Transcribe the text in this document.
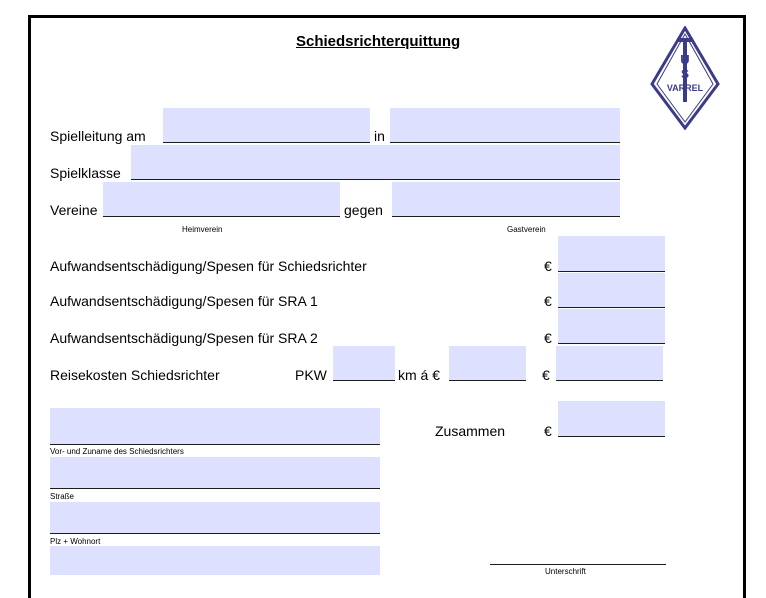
Schiedsrichterquittung
U
S
VARREL
Spielleitung am	in
Spielklasse
Vereine	gegen
Heimverein	Gastverein
Aufwandsentschädigung/Spesen für Schiedsrichter	€
Aufwandsentschädigung/Spesen für SRA 1	€
Aufwandsentschädigung/Spesen für SRA 2	€
Reisekosten Schiedsrichter	PKW	km á €	€
Vor- und Zuname des Schiedsrichters
Zusammen	€
Straße
Plz + Wohnort
Unterschrift
